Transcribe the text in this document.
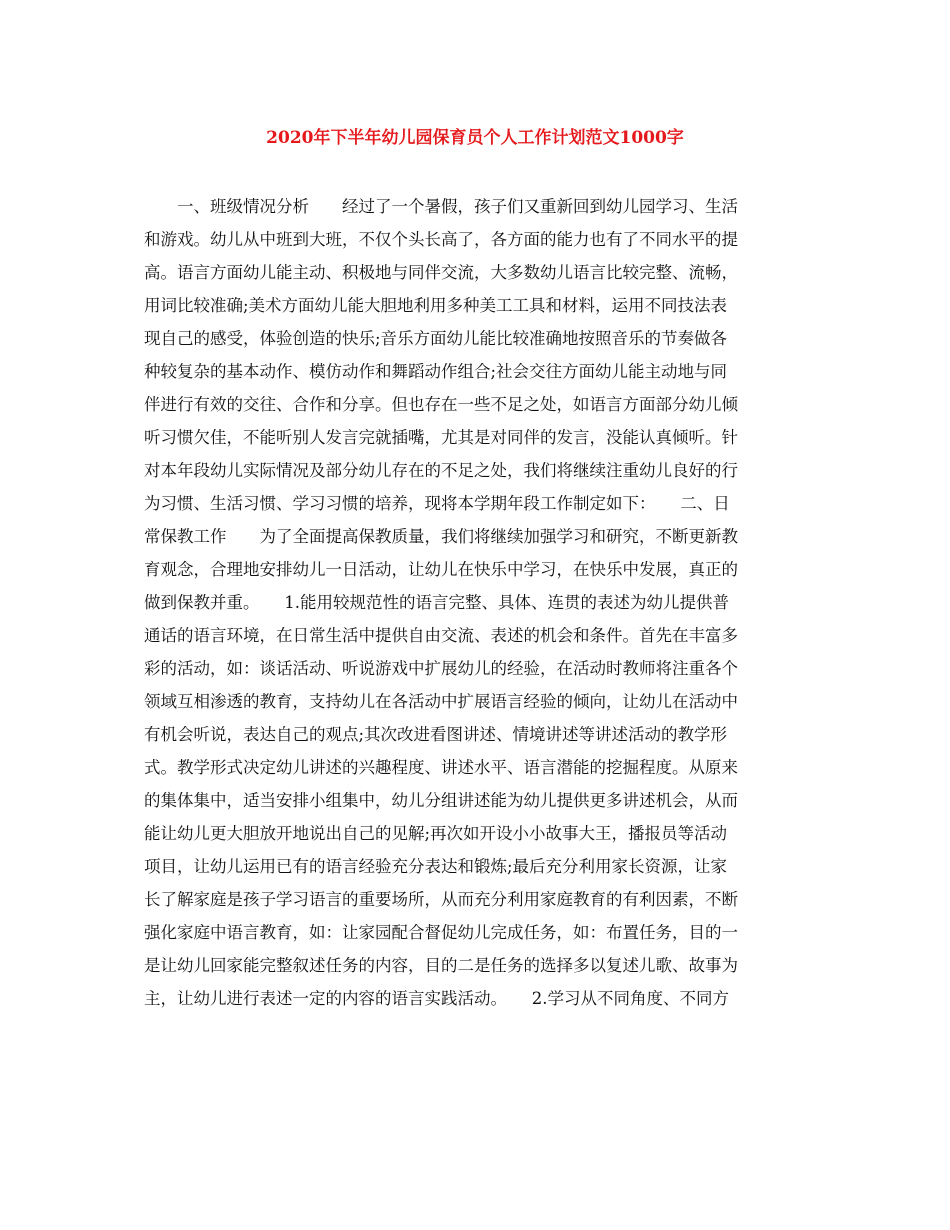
2020年下半年幼儿园保育员个人工作计划范文1000字
　　一、班级情况分析　　经过了一个暑假，孩子们又重新回到幼儿园学习、生活
和游戏。幼儿从中班到大班，不仅个头长高了，各方面的能力也有了不同水平的提
高。语言方面幼儿能主动、积极地与同伴交流，大多数幼儿语言比较完整、流畅，
用词比较准确;美术方面幼儿能大胆地利用多种美工工具和材料，运用不同技法表
现自己的感受，体验创造的快乐;音乐方面幼儿能比较准确地按照音乐的节奏做各
种较复杂的基本动作、模仿动作和舞蹈动作组合;社会交往方面幼儿能主动地与同
伴进行有效的交往、合作和分享。但也存在一些不足之处，如语言方面部分幼儿倾
听习惯欠佳，不能听别人发言完就插嘴，尤其是对同伴的发言，没能认真倾听。针
对本年段幼儿实际情况及部分幼儿存在的不足之处，我们将继续注重幼儿良好的行
为习惯、生活习惯、学习习惯的培养，现将本学期年段工作制定如下：　　二、日
常保教工作　　为了全面提高保教质量，我们将继续加强学习和研究，不断更新教
育观念，合理地安排幼儿一日活动，让幼儿在快乐中学习，在快乐中发展，真正的
做到保教并重。　　1.能用较规范性的语言完整、具体、连贯的表述为幼儿提供普
通话的语言环境，在日常生活中提供自由交流、表述的机会和条件。首先在丰富多
彩的活动，如：谈话活动、听说游戏中扩展幼儿的经验，在活动时教师将注重各个
领域互相渗透的教育，支持幼儿在各活动中扩展语言经验的倾向，让幼儿在活动中
有机会听说，表达自己的观点;其次改进看图讲述、情境讲述等讲述活动的教学形
式。教学形式决定幼儿讲述的兴趣程度、讲述水平、语言潜能的挖掘程度。从原来
的集体集中，适当安排小组集中，幼儿分组讲述能为幼儿提供更多讲述机会，从而
能让幼儿更大胆放开地说出自己的见解;再次如开设小小故事大王，播报员等活动
项目，让幼儿运用已有的语言经验充分表达和锻炼;最后充分利用家长资源，让家
长了解家庭是孩子学习语言的重要场所，从而充分利用家庭教育的有利因素，不断
强化家庭中语言教育，如：让家园配合督促幼儿完成任务，如：布置任务，目的一
是让幼儿回家能完整叙述任务的内容，目的二是任务的选择多以复述儿歌、故事为
主，让幼儿进行表述一定的内容的语言实践活动。　　2.学习从不同角度、不同方
